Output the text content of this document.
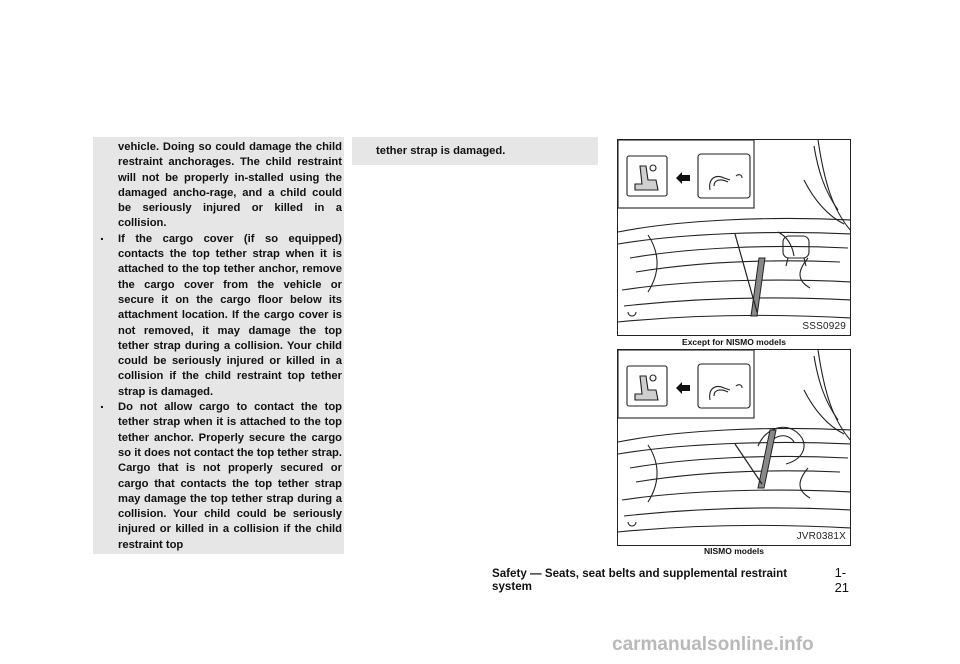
vehicle. Doing so could damage the child restraint anchorages. The child restraint will not be properly in-stalled using the damaged ancho-rage, and a child could be seriously injured or killed in a collision.

. If the cargo cover (if so equipped) contacts the top tether strap when it is attached to the top tether anchor, remove the cargo cover from the vehicle or secure it on the cargo floor below its attachment location. If the cargo cover is not removed, it may damage the top tether strap during a collision. Your child could be seriously injured or killed in a collision if the child restraint top tether strap is damaged.

. Do not allow cargo to contact the top tether strap when it is attached to the top tether anchor. Properly secure the cargo so it does not contact the top tether strap. Cargo that is not properly secured or cargo that contacts the top tether strap may damage the top tether strap during a collision. Your child could be seriously injured or killed in a collision if the child restraint top

tether strap is damaged.

SSS0929
Except for NISMO models
JVR0381X
NISMO models
Safety — Seats, seat belts and supplemental restraint system
1-21
carmanualsonline.info
